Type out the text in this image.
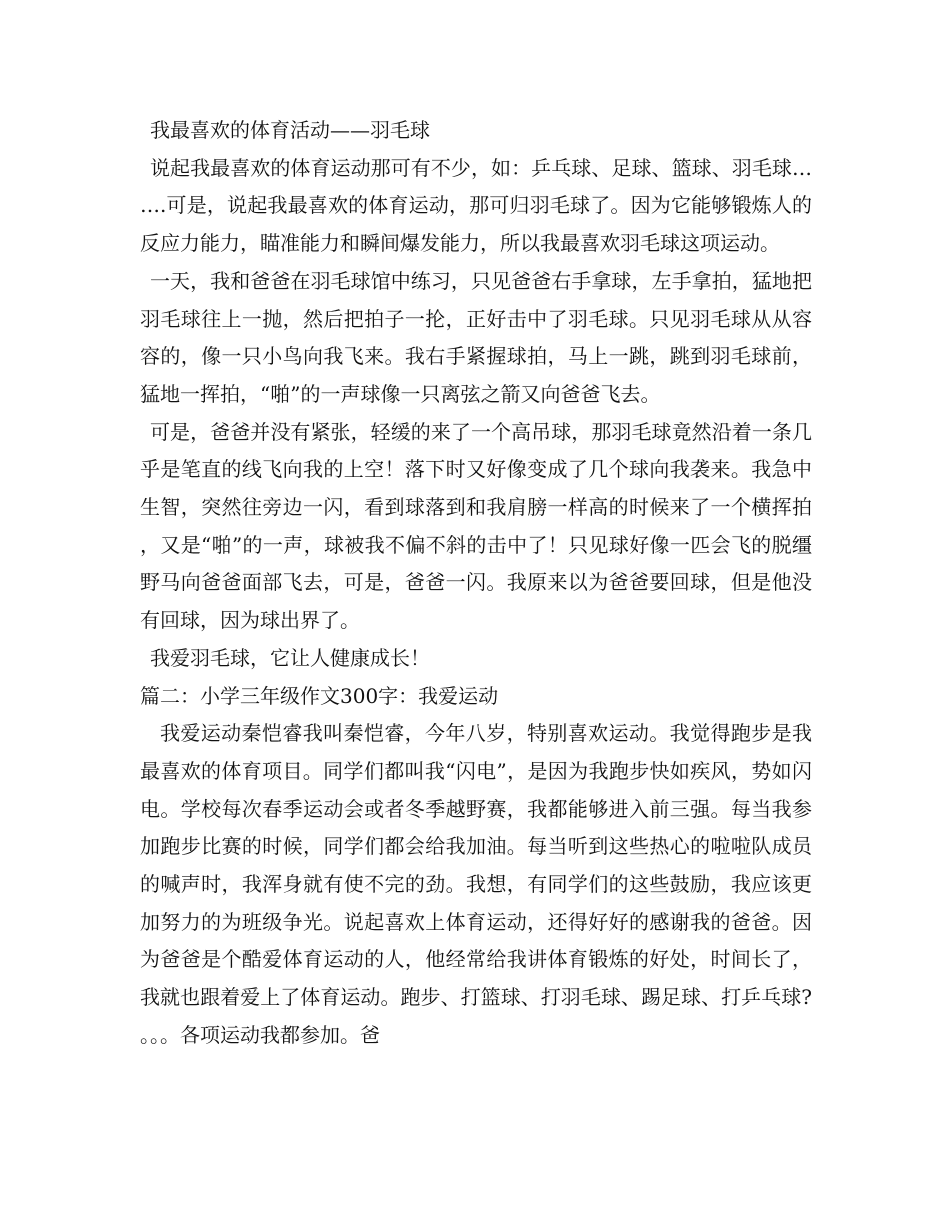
我最喜欢的体育活动——羽毛球

说起我最喜欢的体育运动那可有不少，如：乒乓球、足球、篮球、羽毛球…….可是，说起我最喜欢的体育运动，那可归羽毛球了。因为它能够锻炼人的反应力能力，瞄准能力和瞬间爆发能力，所以我最喜欢羽毛球这项运动。

一天，我和爸爸在羽毛球馆中练习，只见爸爸右手拿球，左手拿拍，猛地把羽毛球往上一抛，然后把拍子一抡，正好击中了羽毛球。只见羽毛球从从容容的，像一只小鸟向我飞来。我右手紧握球拍，马上一跳，跳到羽毛球前，猛地一挥拍，“啪”的一声球像一只离弦之箭又向爸爸飞去。

可是，爸爸并没有紧张，轻缓的来了一个高吊球，那羽毛球竟然沿着一条几乎是笔直的线飞向我的上空！落下时又好像变成了几个球向我袭来。我急中生智，突然往旁边一闪，看到球落到和我肩膀一样高的时候来了一个横挥拍，又是“啪”的一声，球被我不偏不斜的击中了！只见球好像一匹会飞的脱缰野马向爸爸面部飞去，可是，爸爸一闪。我原来以为爸爸要回球，但是他没有回球，因为球出界了。

我爱羽毛球，它让人健康成长！

篇二：小学三年级作文300字：我爱运动

我爱运动秦恺睿我叫秦恺睿，今年八岁，特别喜欢运动。我觉得跑步是我最喜欢的体育项目。同学们都叫我“闪电”，是因为我跑步快如疾风，势如闪电。学校每次春季运动会或者冬季越野赛，我都能够进入前三强。每当我参加跑步比赛的时候，同学们都会给我加油。每当听到这些热心的啦啦队成员的喊声时，我浑身就有使不完的劲。我想，有同学们的这些鼓励，我应该更加努力的为班级争光。说起喜欢上体育运动，还得好好的感谢我的爸爸。因为爸爸是个酷爱体育运动的人，他经常给我讲体育锻炼的好处，时间长了，我就也跟着爱上了体育运动。跑步、打篮球、打羽毛球、踢足球、打乒乓球?。。。各项运动我都参加。爸
